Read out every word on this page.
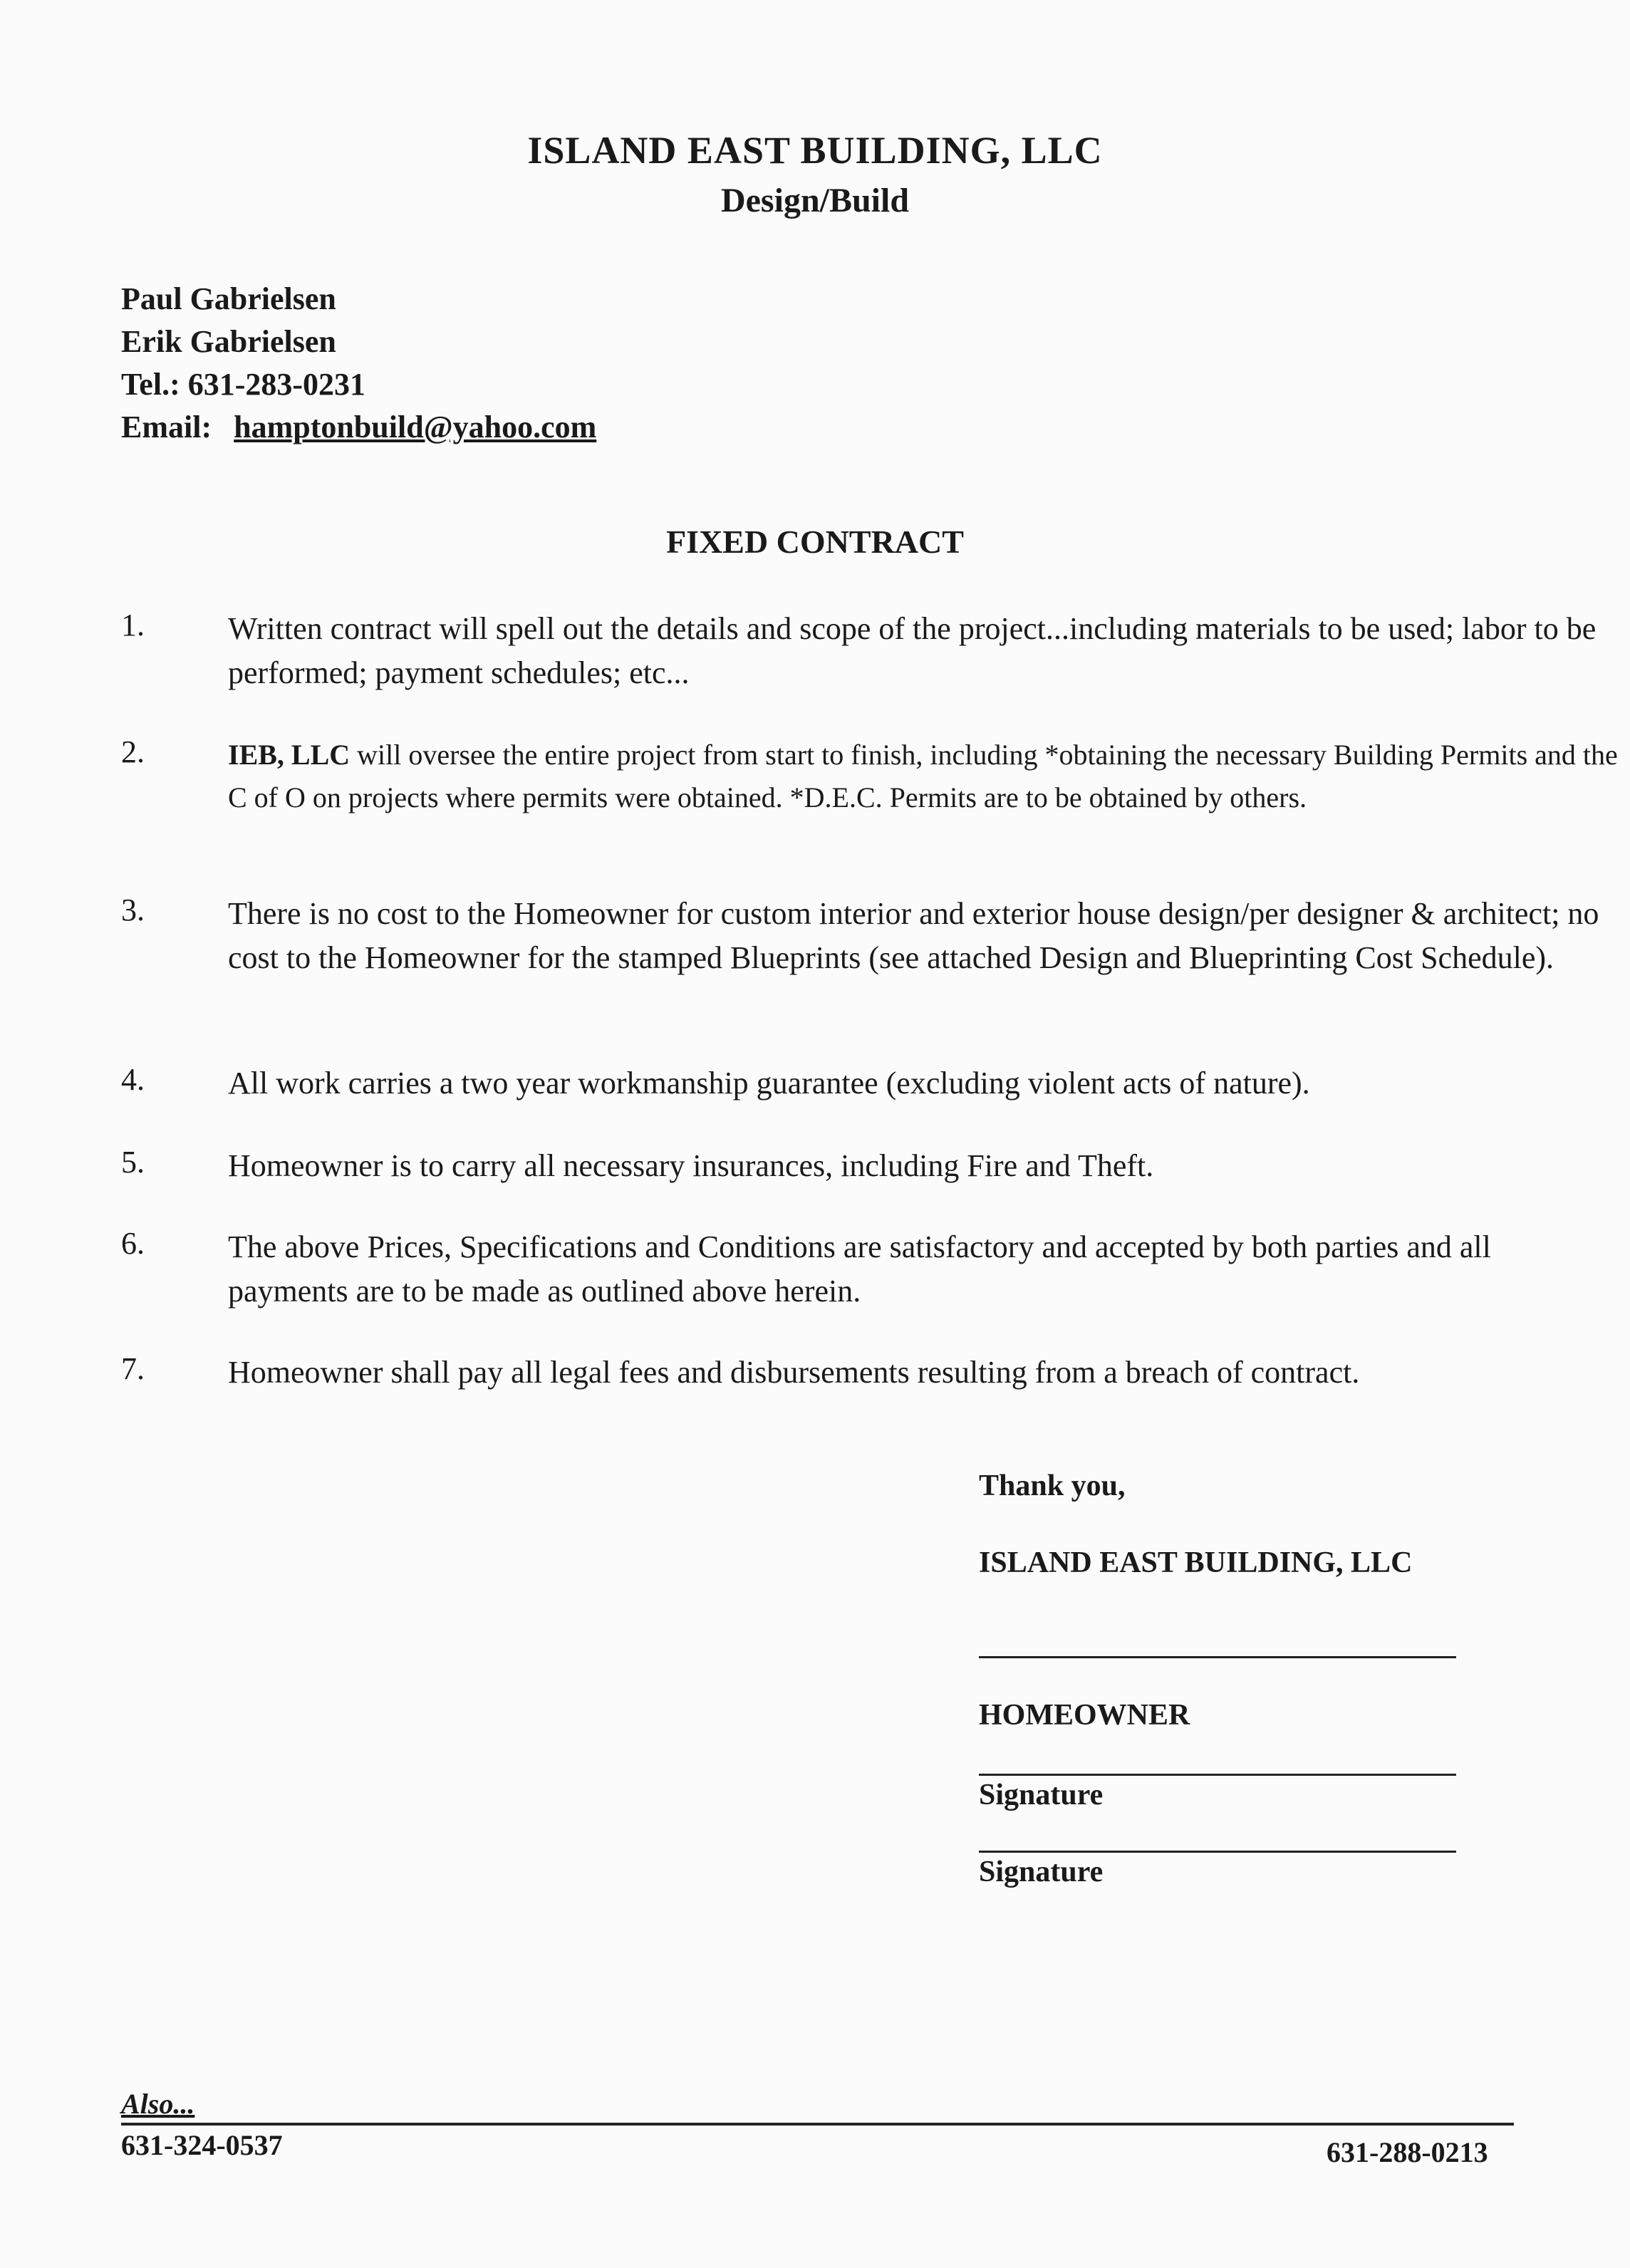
ISLAND EAST BUILDING, LLC
Design/Build
Paul Gabrielsen
Erik Gabrielsen
Tel.: 631-283-0231
Email: hamptonbuild@yahoo.com
FIXED CONTRACT
1.	Written contract will spell out the details and scope of the project...including materials to be used; labor to be performed; payment schedules; etc...
2.	IEB, LLC will oversee the entire project from start to finish, including *obtaining the necessary Building Permits and the C of O on projects where permits were obtained. *D.E.C. Permits are to be obtained by others.
3.	There is no cost to the Homeowner for custom interior and exterior house design/per designer & architect; no cost to the Homeowner for the stamped Blueprints (see attached Design and Blueprinting Cost Schedule).
4.	All work carries a two year workmanship guarantee (excluding violent acts of nature).
5.	Homeowner is to carry all necessary insurances, including Fire and Theft.
6.	The above Prices, Specifications and Conditions are satisfactory and accepted by both parties and all payments are to be made as outlined above herein.
7.	Homeowner shall pay all legal fees and disbursements resulting from a breach of contract.
Thank you,
ISLAND EAST BUILDING, LLC
HOMEOWNER
Signature
Signature
Also...
631-324-0537	631-288-0213
